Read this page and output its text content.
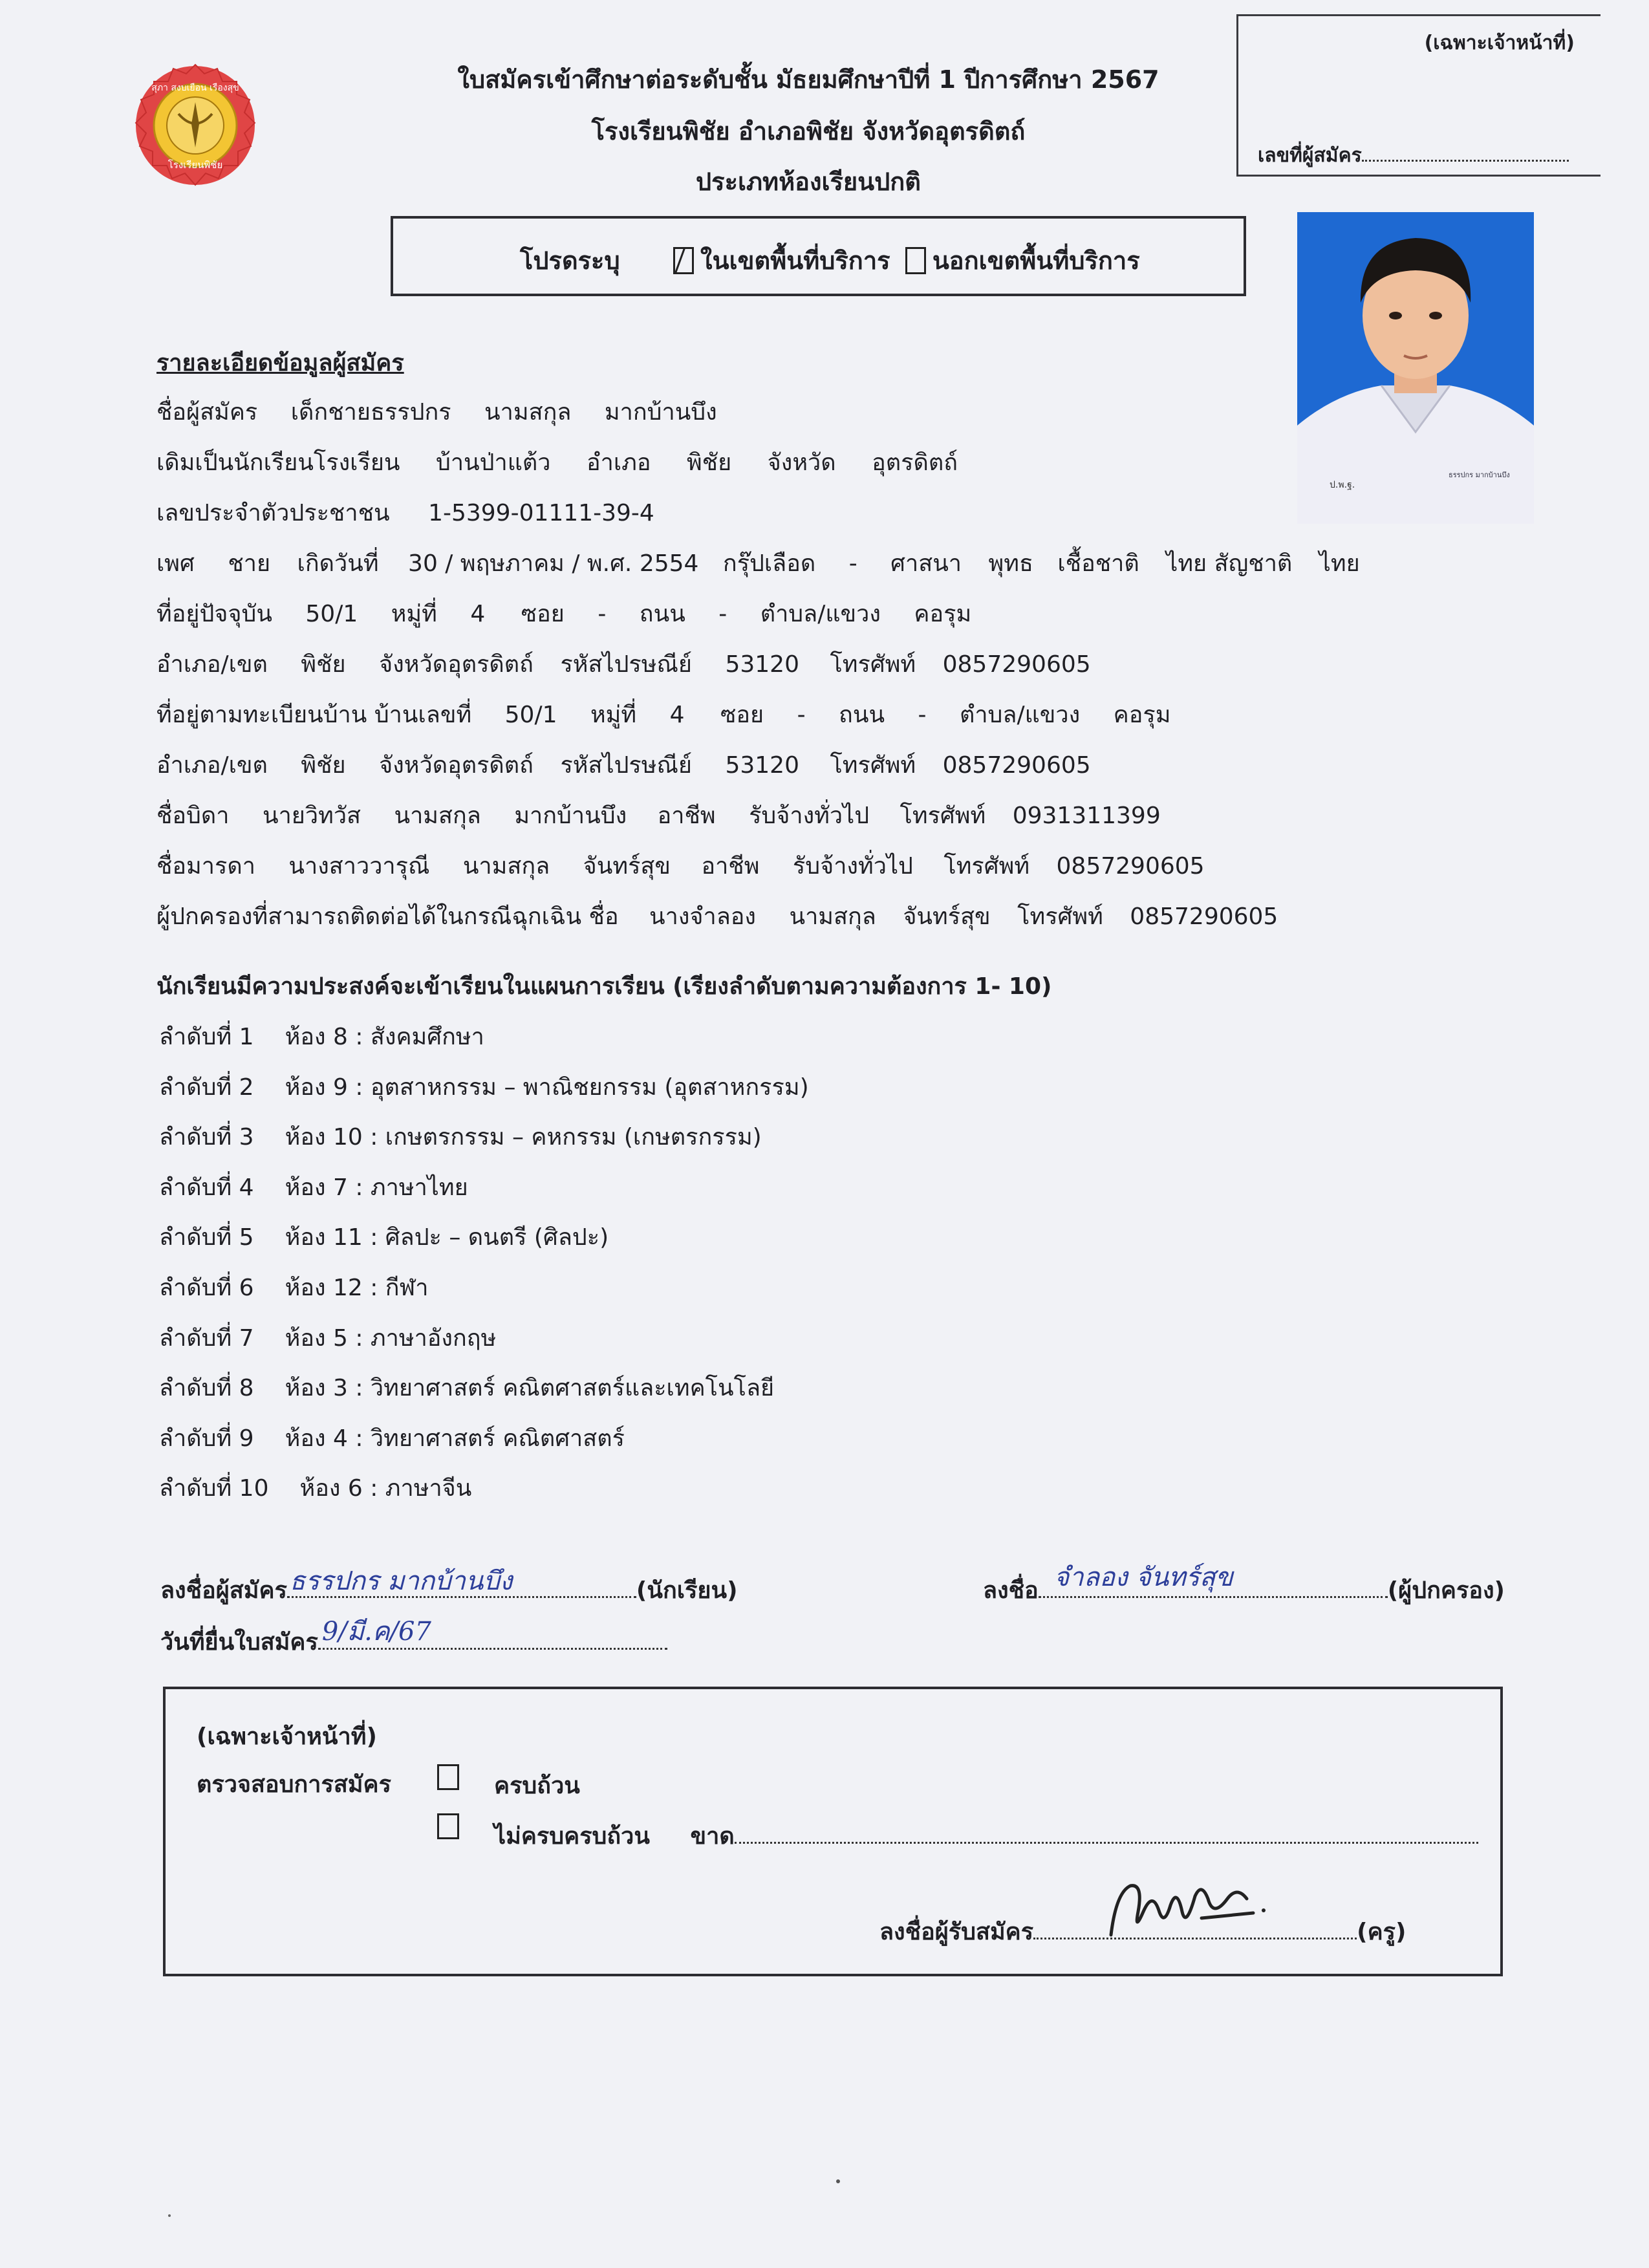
สุภา สงบเยือน เรืองสุข
โรงเรียนพิชัย
ใบสมัครเข้าศึกษาต่อระดับชั้น มัธยมศึกษาปีที่ 1 ปีการศึกษา 2567
โรงเรียนพิชัย อำเภอพิชัย จังหวัดอุตรดิตถ์
ประเภทห้องเรียนปกติ
(เฉพาะเจ้าหน้าที่)
เลขที่ผู้สมัคร
โปรดระบุ	ในเขตพื้นที่บริการ นอกเขตพื้นที่บริการ
ป.พ.ฐ.
ธรรปกร มากบ้านบึง
รายละเอียดข้อมูลผู้สมัคร
ชื่อผู้สมัคร เด็กชายธรรปกร นามสกุล มากบ้านบึง
เดิมเป็นนักเรียนโรงเรียน บ้านป่าแต้ว อำเภอ พิชัย จังหวัด อุตรดิตถ์
เลขประจำตัวประชาชน 1-5399-01111-39-4
เพศ ชาย เกิดวันที่ 30 / พฤษภาคม / พ.ศ. 2554 กรุ๊ปเลือด - ศาสนา พุทธ เชื้อชาติ ไทย สัญชาติ ไทย
ที่อยู่ปัจจุบัน 50/1 หมู่ที่ 4 ซอย - ถนน - ตำบล/แขวง คอรุม
อำเภอ/เขต พิชัย จังหวัดอุตรดิตถ์ รหัสไปรษณีย์ 53120 โทรศัพท์ 0857290605
ที่อยู่ตามทะเบียนบ้าน บ้านเลขที่ 50/1 หมู่ที่ 4 ซอย - ถนน - ตำบล/แขวง คอรุม
อำเภอ/เขต พิชัย จังหวัดอุตรดิตถ์ รหัสไปรษณีย์ 53120 โทรศัพท์ 0857290605
ชื่อบิดา นายวิทวัส นามสกุล มากบ้านบึง อาชีพ รับจ้างทั่วไป โทรศัพท์ 0931311399
ชื่อมารดา นางสาววารุณี นามสกุล จันทร์สุข อาชีพ รับจ้างทั่วไป โทรศัพท์ 0857290605
ผู้ปกครองที่สามารถติดต่อได้ในกรณีฉุกเฉิน ชื่อ นางจำลอง นามสกุล จันทร์สุข โทรศัพท์ 0857290605
นักเรียนมีความประสงค์จะเข้าเรียนในแผนการเรียน (เรียงลำดับตามความต้องการ 1- 10)
ลำดับที่ 1 ห้อง 8 : สังคมศึกษา
ลำดับที่ 2 ห้อง 9 : อุตสาหกรรม – พาณิชยกรรม (อุตสาหกรรม)
ลำดับที่ 3 ห้อง 10 : เกษตรกรรม – คหกรรม (เกษตรกรรม)
ลำดับที่ 4 ห้อง 7 : ภาษาไทย
ลำดับที่ 5 ห้อง 11 : ศิลปะ – ดนตรี (ศิลปะ)
ลำดับที่ 6 ห้อง 12 : กีฬา
ลำดับที่ 7 ห้อง 5 : ภาษาอังกฤษ
ลำดับที่ 8 ห้อง 3 : วิทยาศาสตร์ คณิตศาสตร์และเทคโนโลยี
ลำดับที่ 9 ห้อง 4 : วิทยาศาสตร์ คณิตศาสตร์
ลำดับที่ 10 ห้อง 6 : ภาษาจีน
ลงชื่อผู้สมัคร ธรรปกร มากบ้านบึง	(นักเรียน)
วันที่ยื่นใบสมัคร 9/มี.ค/67
ลงชื่อ จำลอง จันทร์สุข	(ผู้ปกครอง)
(เฉพาะเจ้าหน้าที่)
ตรวจสอบการสมัคร	ครบถ้วน
ไม่ครบครบถ้วน ขาด
ลงชื่อผู้รับสมัคร	(ครู)
